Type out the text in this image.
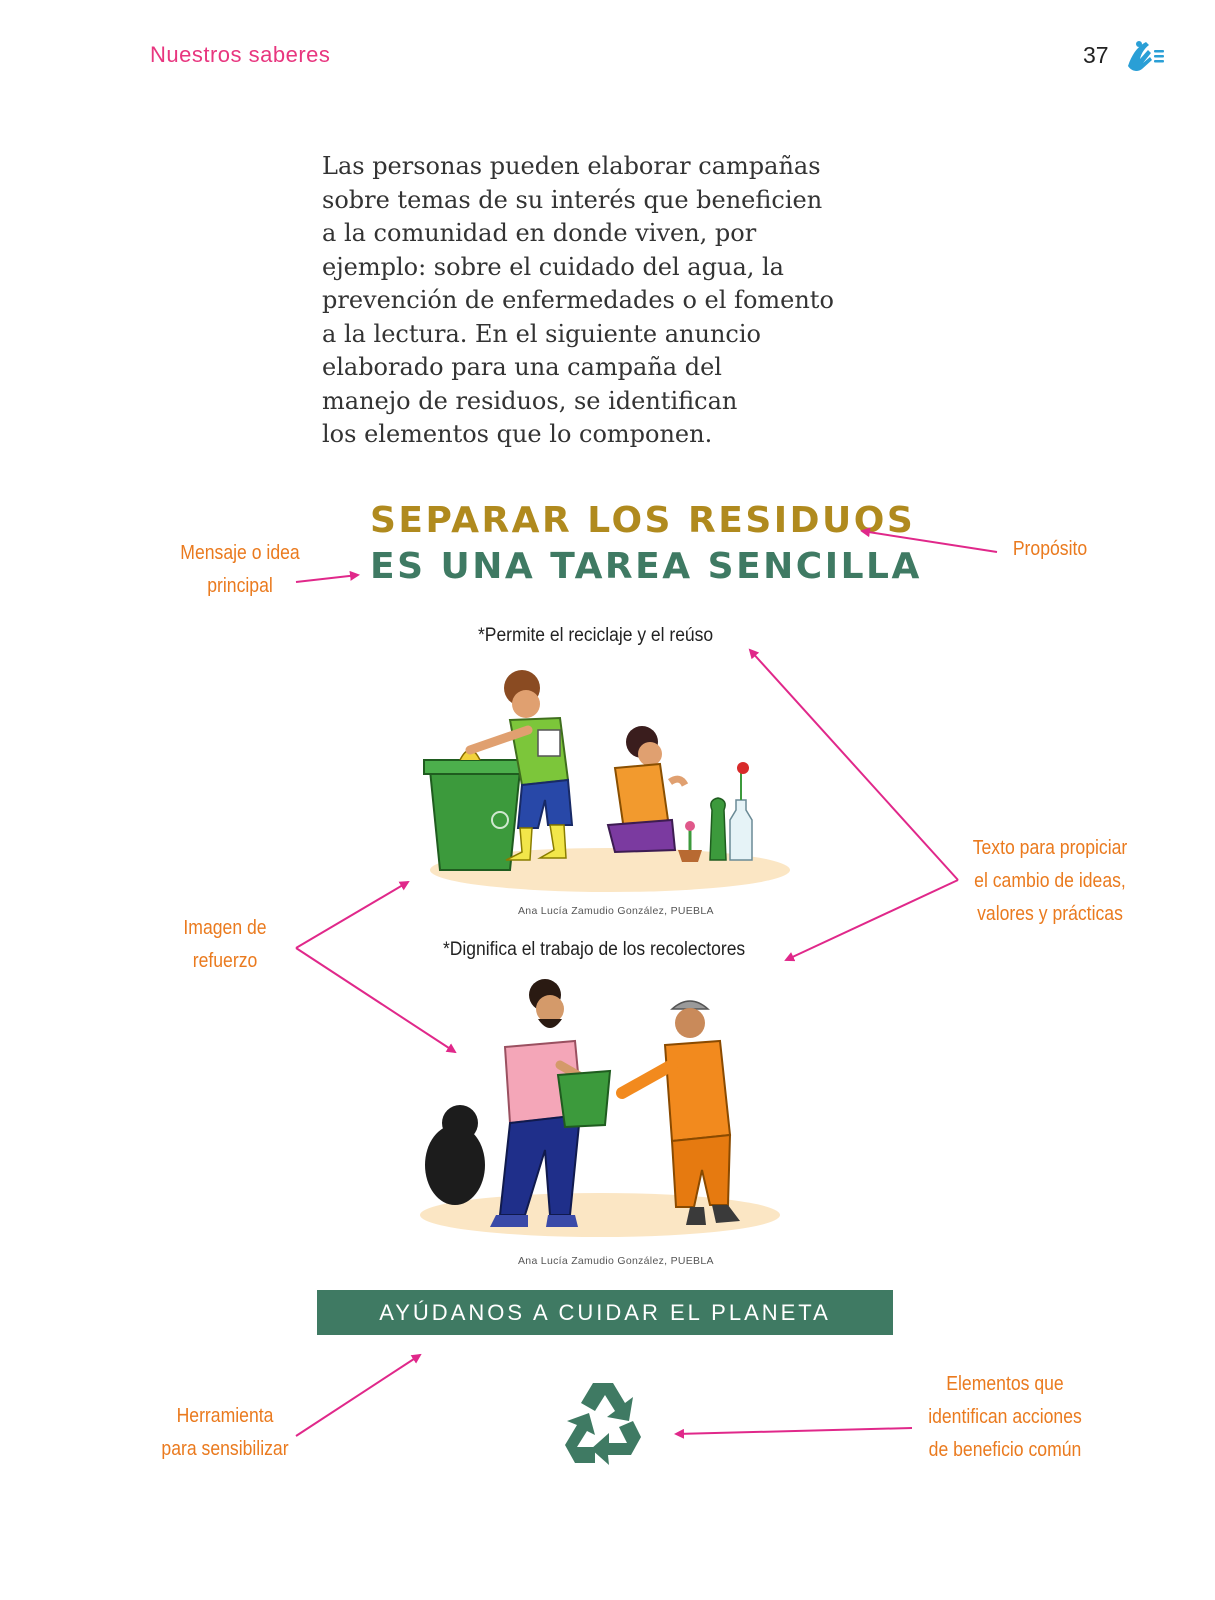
Nuestros saberes	37
Las personas pueden elaborar campañas
sobre temas de su interés que beneficien
a la comunidad en donde viven, por
ejemplo: sobre el cuidado del agua, la
prevención de enfermedades o el fomento
a la lectura. En el siguiente anuncio
elaborado para una campaña del
manejo de residuos, se identifican
los elementos que lo componen.
SEPARAR LOS RESIDUOS
ES UNA TAREA SENCILLA
*Permite el reciclaje y el reúso
*Dignifica el trabajo de los recolectores
Ana Lucía Zamudio González, PUEBLA
Ana Lucía Zamudio González, PUEBLA
AYÚDANOS A CUIDAR EL PLANETA
Mensaje o idea
principal
Propósito
Texto para propiciar
el cambio de ideas,
valores y prácticas
Imagen de
refuerzo
Herramienta
para sensibilizar
Elementos que
identifican acciones
de beneficio común
